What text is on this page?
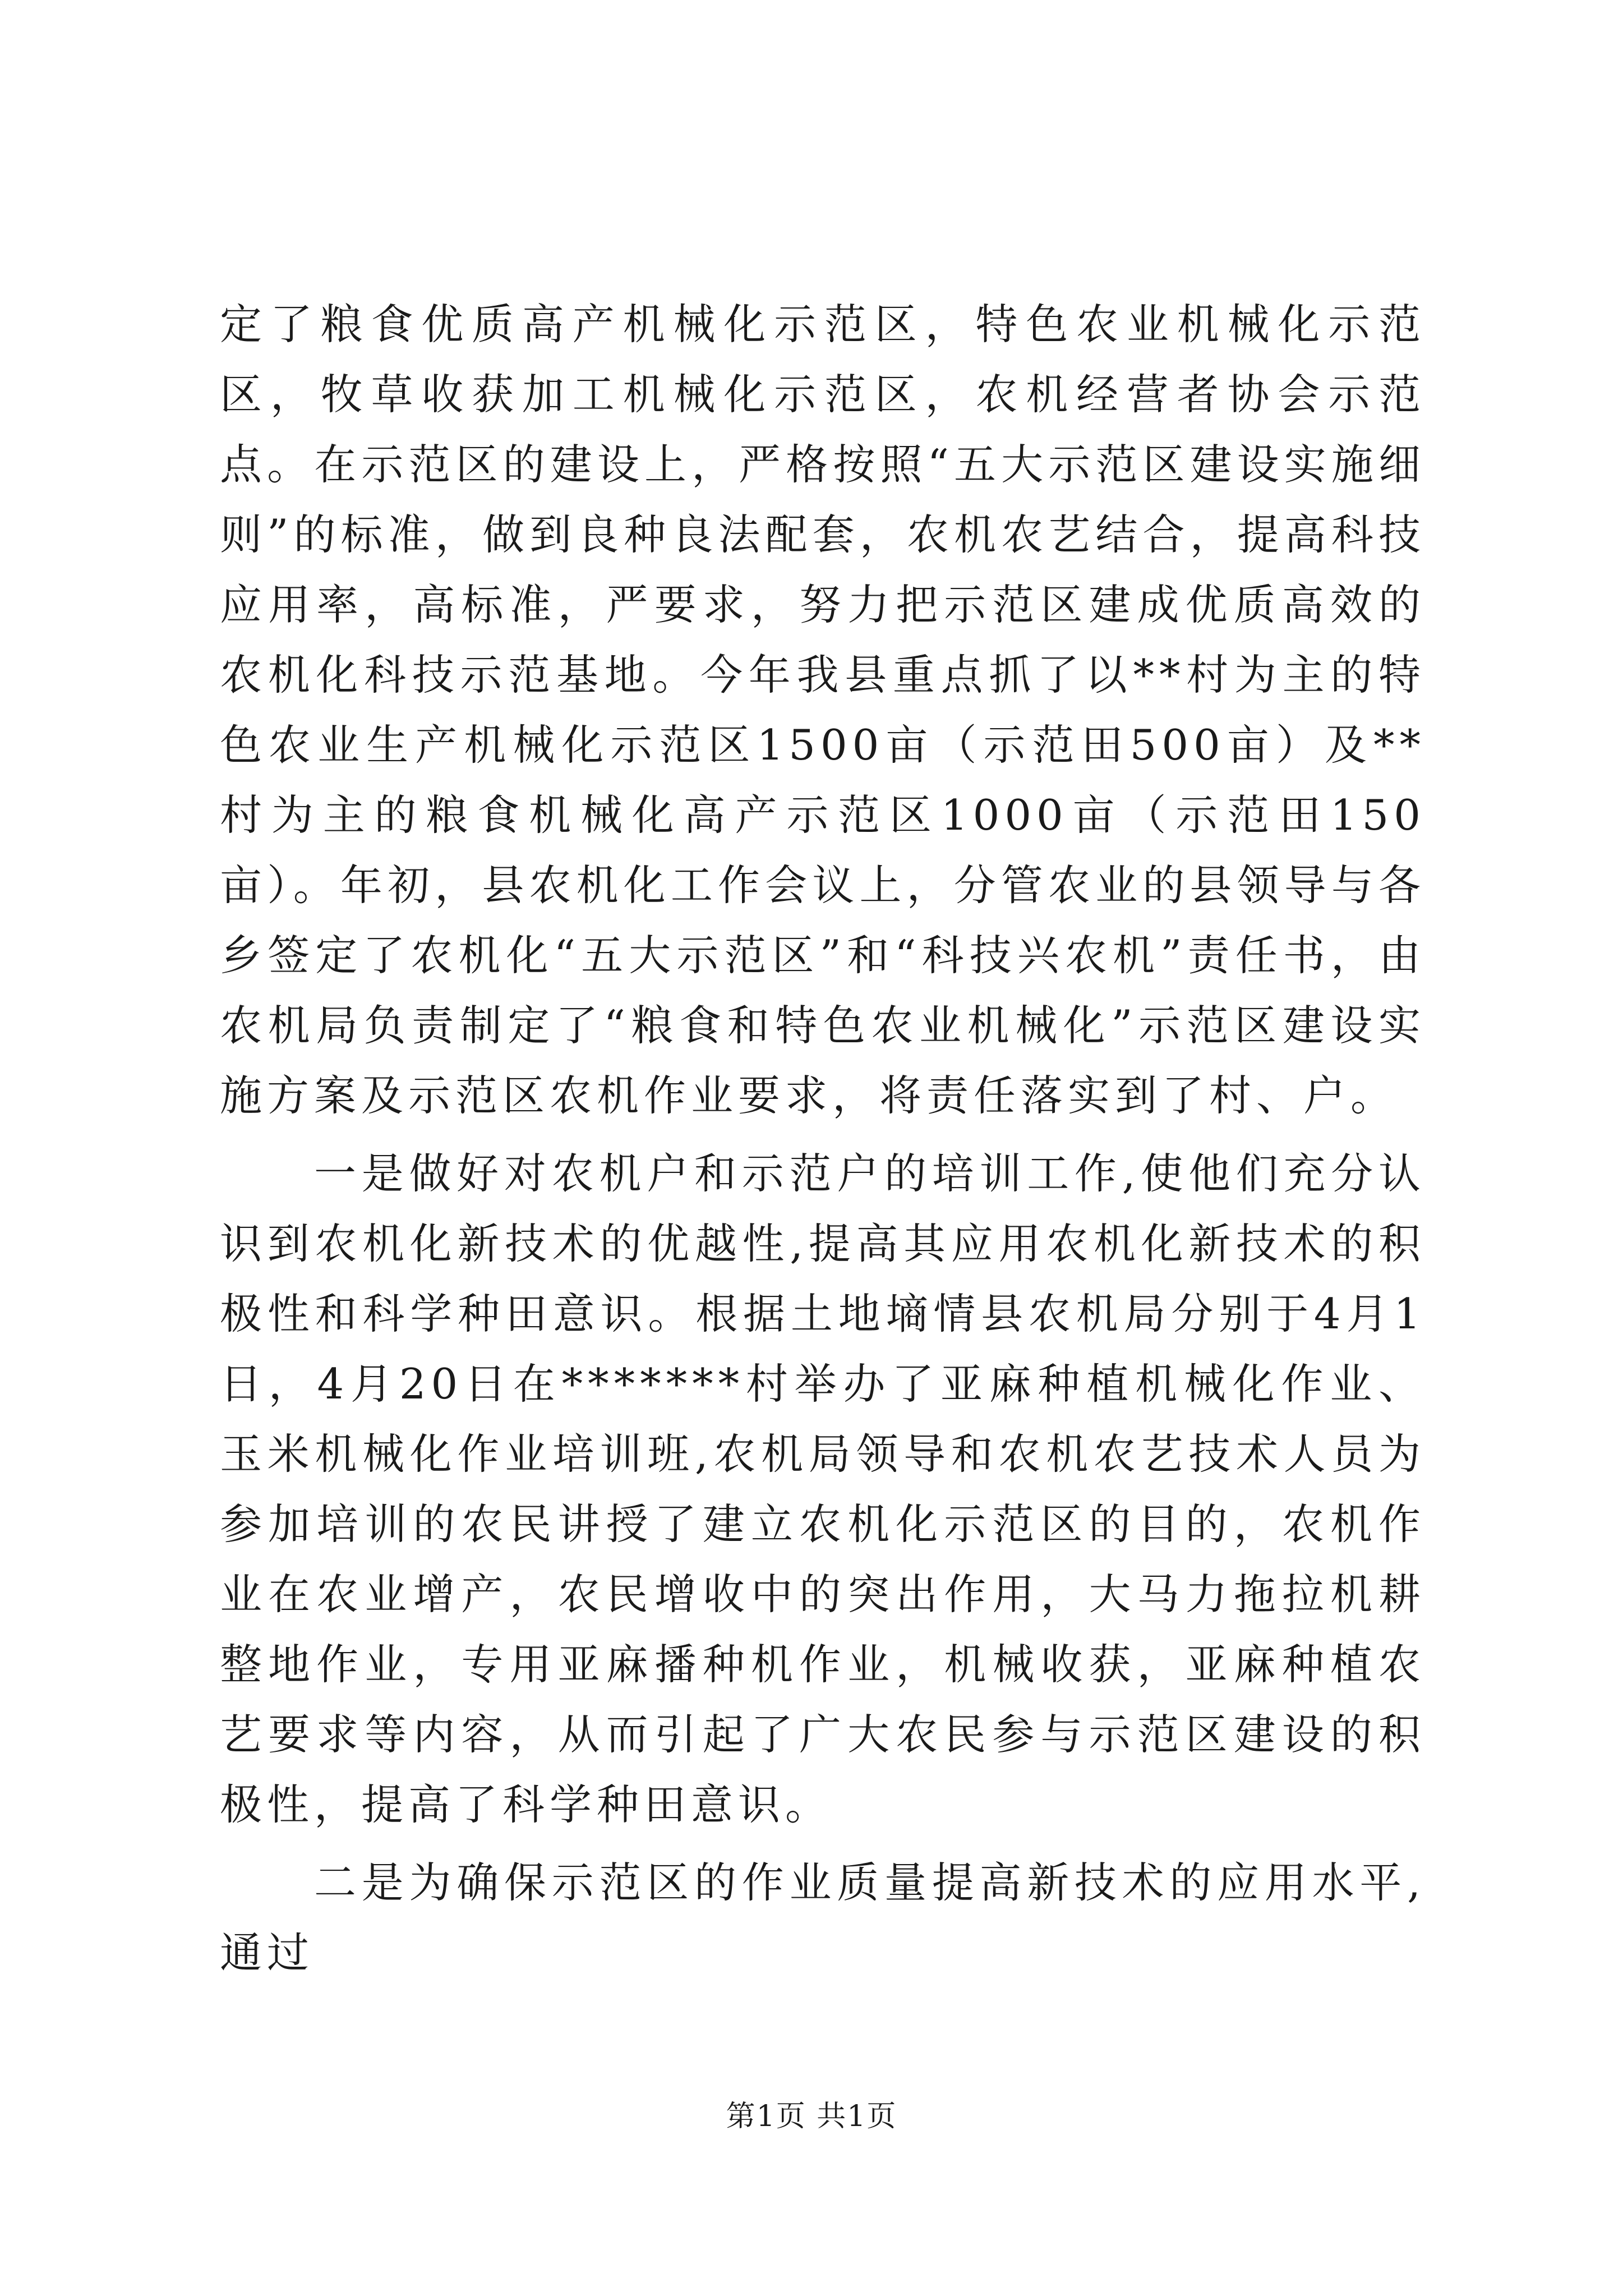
定了粮食优质高产机械化示范区，特色农业机械化示范区，牧草收获加工机械化示范区，农机经营者协会示范点。在示范区的建设上，严格按照“五大示范区建设实施细则”的标准，做到良种良法配套，农机农艺结合，提高科技应用率，高标准，严要求，努力把示范区建成优质高效的农机化科技示范基地。今年我县重点抓了以**村为主的特色农业生产机械化示范区1500亩（示范田500亩）及**村为主的粮食机械化高产示范区1000亩（示范田150亩）。年初，县农机化工作会议上，分管农业的县领导与各乡签定了农机化“五大示范区”和“科技兴农机”责任书，由农机局负责制定了“粮食和特色农业机械化”示范区建设实施方案及示范区农机作业要求，将责任落实到了村、户。

一是做好对农机户和示范户的培训工作,使他们充分认识到农机化新技术的优越性,提高其应用农机化新技术的积极性和科学种田意识。根据土地墒情县农机局分别于4月1日，4月20日在*******村举办了亚麻种植机械化作业、玉米机械化作业培训班,农机局领导和农机农艺技术人员为参加培训的农民讲授了建立农机化示范区的目的，农机作业在农业增产，农民增收中的突出作用，大马力拖拉机耕整地作业，专用亚麻播种机作业，机械收获，亚麻种植农艺要求等内容，从而引起了广大农民参与示范区建设的积极性，提高了科学种田意识。

二是为确保示范区的作业质量提高新技术的应用水平,通过

第1页 共1页
